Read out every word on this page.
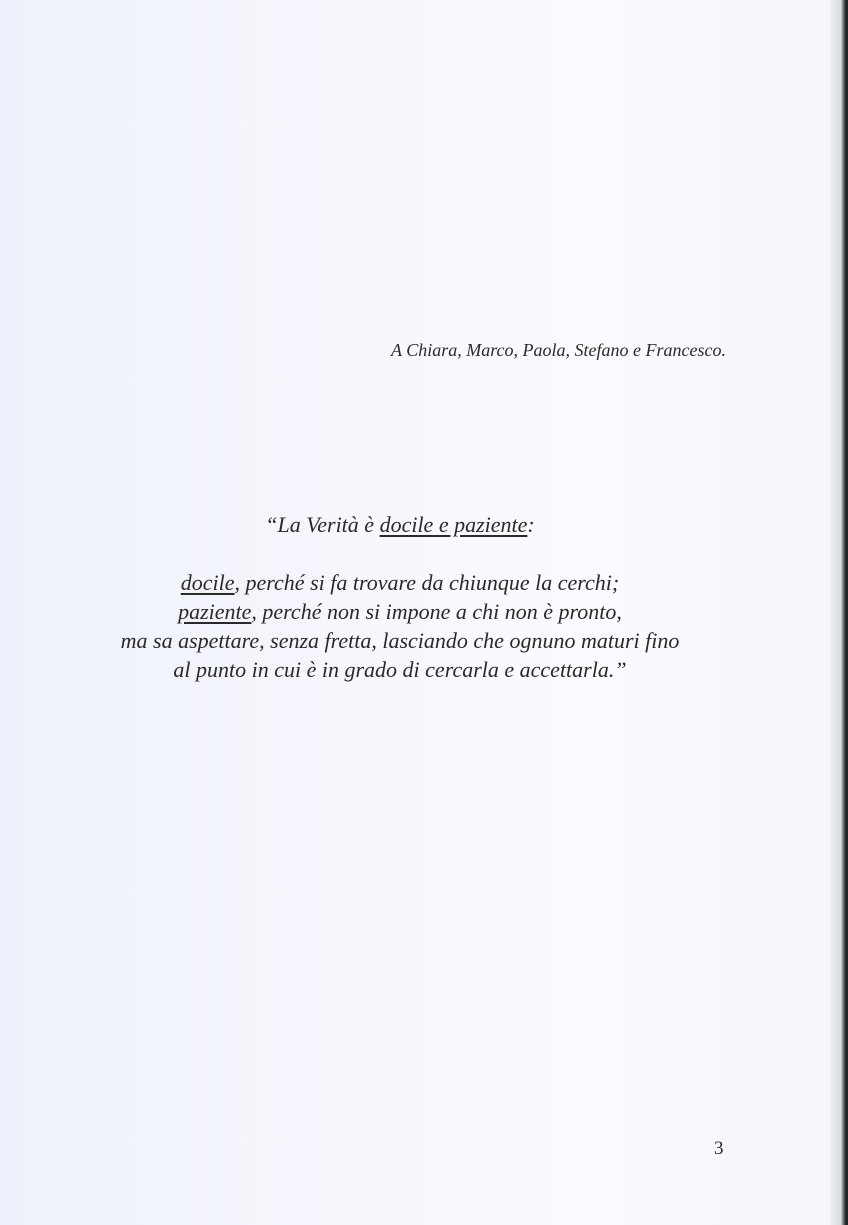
A Chiara, Marco, Paola, Stefano e Francesco.

“La Verità è docile e paziente:
docile, perché si fa trovare da chiunque la cerchi;
paziente, perché non si impone a chi non è pronto,
ma sa aspettare, senza fretta, lasciando che ognuno maturi fino
al punto in cui è in grado di cercarla e accettarla.”

3
